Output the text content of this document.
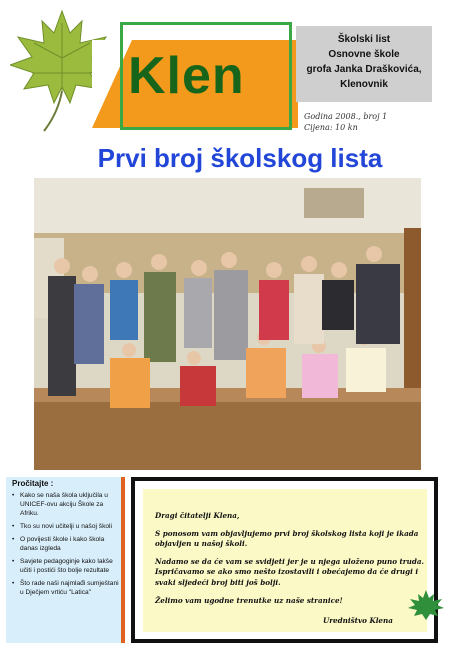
Klen
Školski list
Osnovne škole
grofa Janka Draškovića,
Klenovnik
Godina 2008., broj 1
Cijena: 10 kn
Prvi broj školskog lista
Pročitajte :
• Kako se naša škola uključila u UNICEF-ovu akciju Škole za Afriku.
• Tko su novi učitelji u našoj školi
• O povijesti škole i kako škola danas izgleda
• Savjete pedagoginje kako lakše učiti i postići što bolje rezultate
• Što rade naši najmlađi sumještani u Dječjem vrtiću "Latica"

Dragi čitatelji Klena,

S ponosom vam objavljujemo prvi broj školskog lista koji je ikada objavljen u našoj školi.

Nadamo se da će vam se svidjeti jer je u njega uloženo puno truda. Ispričavamo se ako smo nešto izostavili i obećajemo da će drugi i svaki sljedeći broj biti još bolji.

Želimo vam ugodne trenutke uz naše stranice!

Uredništvo Klena
